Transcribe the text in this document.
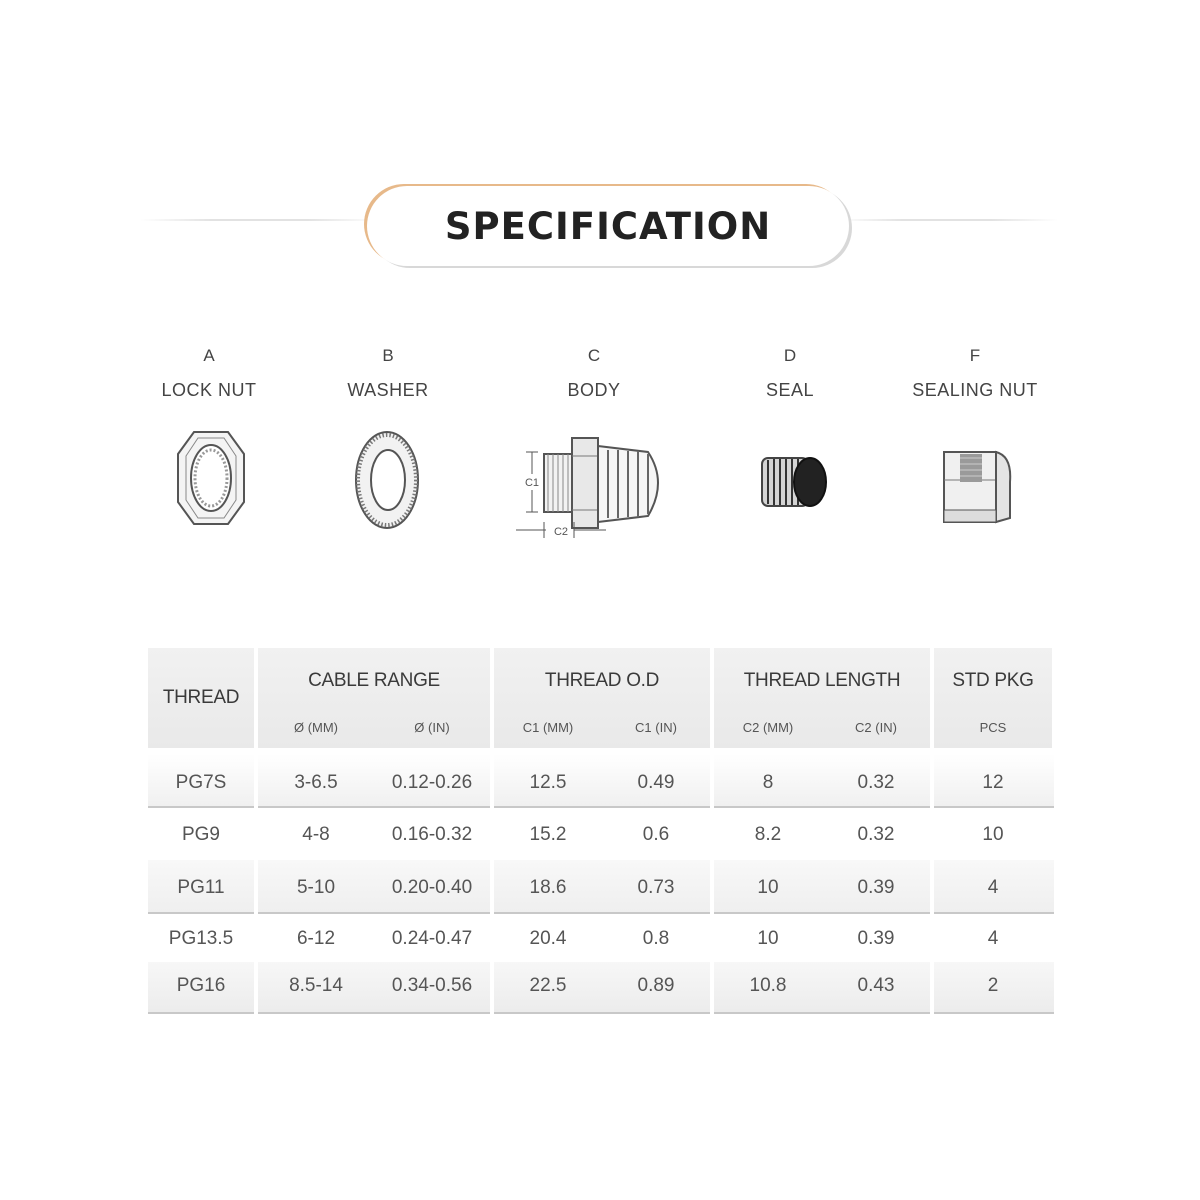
SPECIFICATION
A
LOCK NUT
B
WASHER
C
BODY
D
SEAL
F
SEALING NUT
C1
C2
THREAD
CABLE RANGE	THREAD O.D	THREAD LENGTH	STD PKG
Ø (MM)	Ø (IN)	C1 (MM)	C1 (IN)	C2 (MM)	C2 (IN)	PCS
PG7S	3-6.5	0.12-0.26	12.5	0.49	8	0.32	12
PG9	4-8	0.16-0.32	15.2	0.6	8.2	0.32	10
PG11	5-10	0.20-0.40	18.6	0.73	10	0.39	4
PG13.5	6-12	0.24-0.47	20.4	0.8	10	0.39	4
PG16	8.5-14	0.34-0.56	22.5	0.89	10.8	0.43	2
